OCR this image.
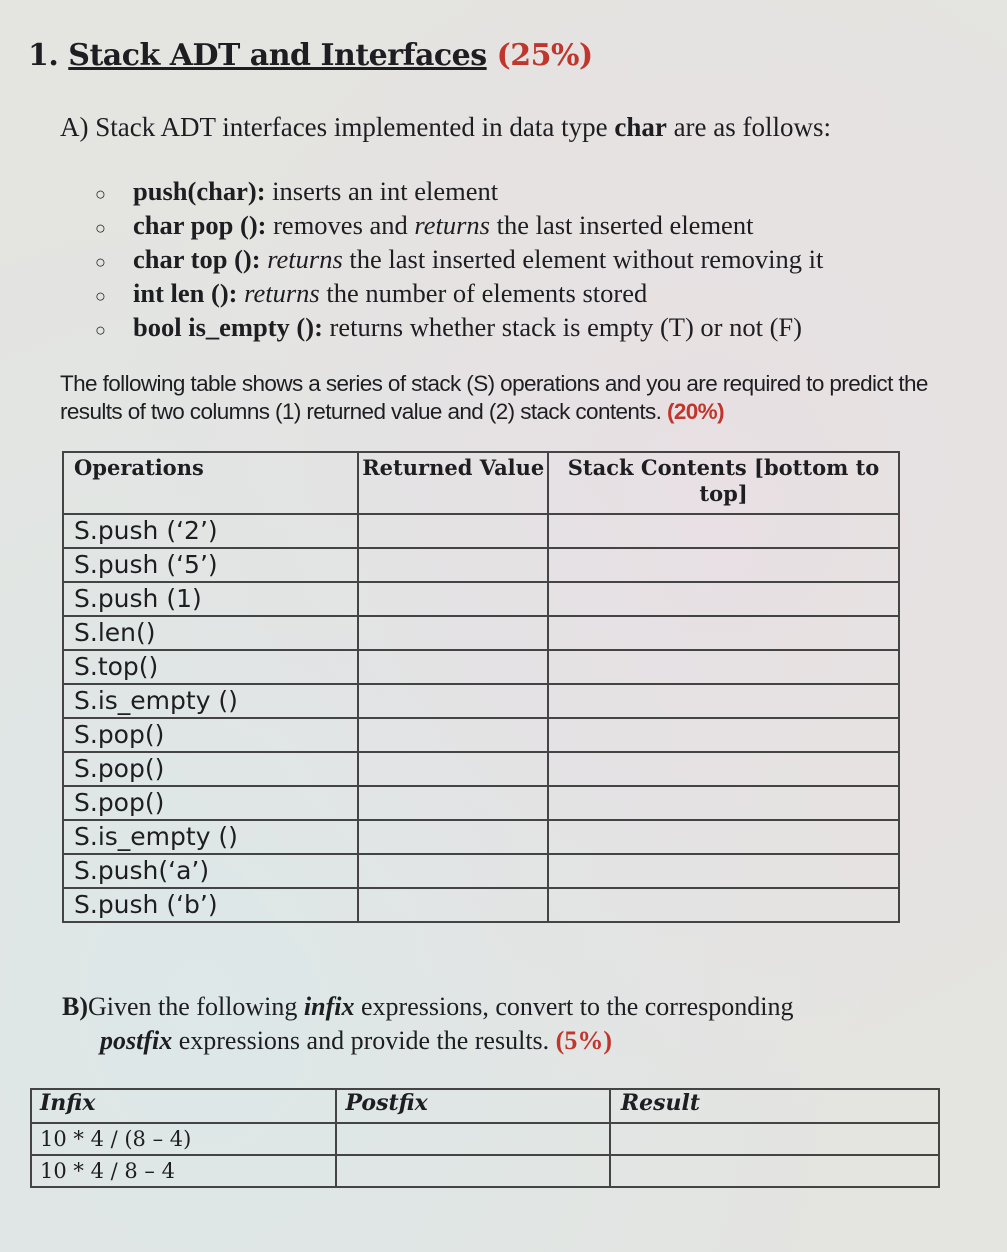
1. Stack ADT and Interfaces (25%)
A) Stack ADT interfaces implemented in data type char are as follows:
○ push(char): inserts an int element
○ char pop (): removes and returns the last inserted element
○ char top (): returns the last inserted element without removing it
○ int len (): returns the number of elements stored
○ bool is_empty (): returns whether stack is empty (T) or not (F)
The following table shows a series of stack (S) operations and you are required to predict the results of two columns (1) returned value and (2) stack contents. (20%)
Operations	Returned Value	Stack Contents [bottom to top]
S.push (‘2’)		
S.push (‘5’)		
S.push (1)		
S.len()		
S.top()		
S.is_empty ()		
S.pop()		
S.pop()		
S.pop()		
S.is_empty ()		
S.push(‘a’)		
S.push (‘b’)		
B)Given the following infix expressions, convert to the corresponding
postfix expressions and provide the results. (5%)
Infix	Postfix	Result
10 * 4 / (8 – 4)		
10 * 4 / 8 – 4		
